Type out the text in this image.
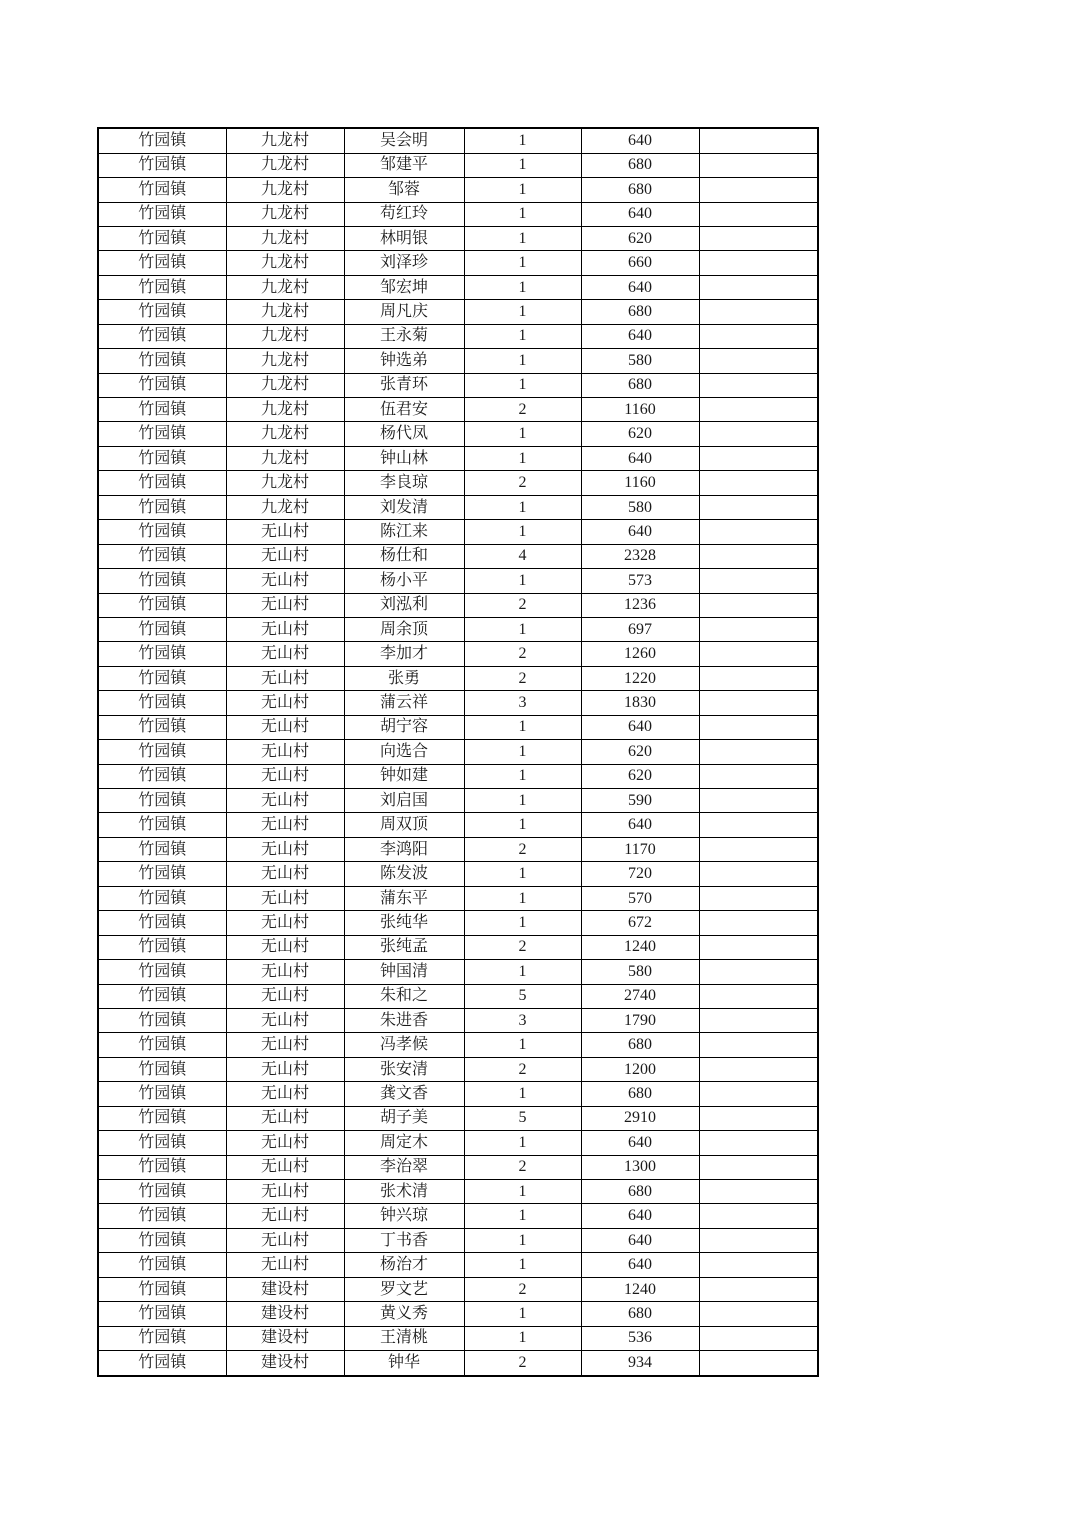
竹园镇	九龙村	吴会明	1	640	
竹园镇	九龙村	邹建平	1	680	
竹园镇	九龙村	邹蓉	1	680	
竹园镇	九龙村	苟红玲	1	640	
竹园镇	九龙村	林明银	1	620	
竹园镇	九龙村	刘泽珍	1	660	
竹园镇	九龙村	邹宏坤	1	640	
竹园镇	九龙村	周凡庆	1	680	
竹园镇	九龙村	王永菊	1	640	
竹园镇	九龙村	钟选弟	1	580	
竹园镇	九龙村	张青环	1	680	
竹园镇	九龙村	伍君安	2	1160	
竹园镇	九龙村	杨代凤	1	620	
竹园镇	九龙村	钟山林	1	640	
竹园镇	九龙村	李良琼	2	1160	
竹园镇	九龙村	刘发清	1	580	
竹园镇	无山村	陈江来	1	640	
竹园镇	无山村	杨仕和	4	2328	
竹园镇	无山村	杨小平	1	573	
竹园镇	无山村	刘泓利	2	1236	
竹园镇	无山村	周余顶	1	697	
竹园镇	无山村	李加才	2	1260	
竹园镇	无山村	张勇	2	1220	
竹园镇	无山村	蒲云祥	3	1830	
竹园镇	无山村	胡宁容	1	640	
竹园镇	无山村	向选合	1	620	
竹园镇	无山村	钟如建	1	620	
竹园镇	无山村	刘启国	1	590	
竹园镇	无山村	周双顶	1	640	
竹园镇	无山村	李鸿阳	2	1170	
竹园镇	无山村	陈发波	1	720	
竹园镇	无山村	蒲东平	1	570	
竹园镇	无山村	张纯华	1	672	
竹园镇	无山村	张纯孟	2	1240	
竹园镇	无山村	钟国清	1	580	
竹园镇	无山村	朱和之	5	2740	
竹园镇	无山村	朱进香	3	1790	
竹园镇	无山村	冯孝候	1	680	
竹园镇	无山村	张安清	2	1200	
竹园镇	无山村	龚文香	1	680	
竹园镇	无山村	胡子美	5	2910	
竹园镇	无山村	周定木	1	640	
竹园镇	无山村	李治翠	2	1300	
竹园镇	无山村	张术清	1	680	
竹园镇	无山村	钟兴琼	1	640	
竹园镇	无山村	丁书香	1	640	
竹园镇	无山村	杨治才	1	640	
竹园镇	建设村	罗文艺	2	1240	
竹园镇	建设村	黄义秀	1	680	
竹园镇	建设村	王清桃	1	536	
竹园镇	建设村	钟华	2	934	
